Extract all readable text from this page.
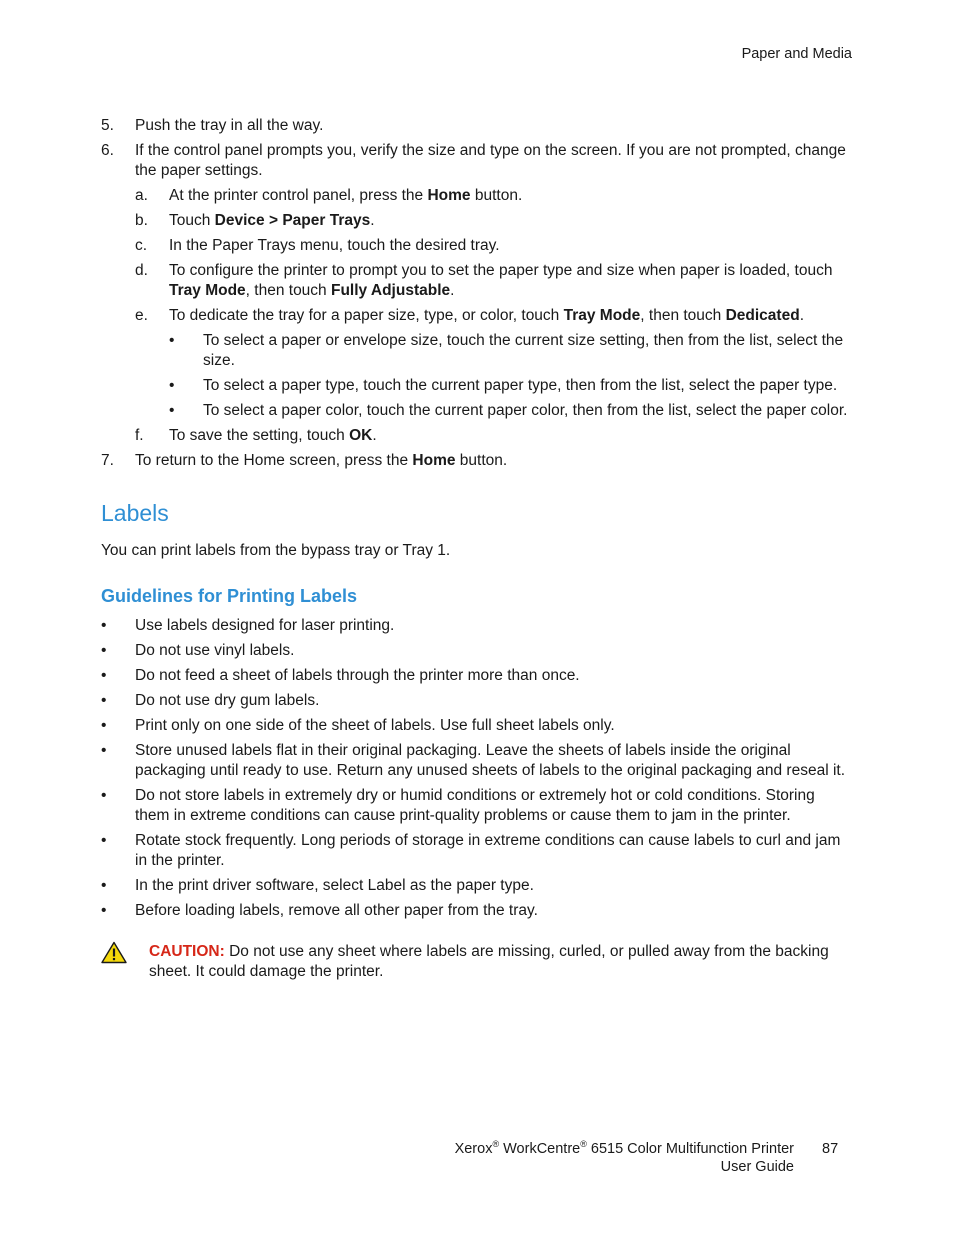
Paper and Media
5. Push the tray in all the way.
6. If the control panel prompts you, verify the size and type on the screen. If you are not prompted, change the paper settings.
a. At the printer control panel, press the Home button.
b. Touch Device > Paper Trays.
c. In the Paper Trays menu, touch the desired tray.
d. To configure the printer to prompt you to set the paper type and size when paper is loaded, touch Tray Mode, then touch Fully Adjustable.
e. To dedicate the tray for a paper size, type, or color, touch Tray Mode, then touch Dedicated.
• To select a paper or envelope size, touch the current size setting, then from the list, select the size.
• To select a paper type, touch the current paper type, then from the list, select the paper type.
• To select a paper color, touch the current paper color, then from the list, select the paper color.
f. To save the setting, touch OK.
7. To return to the Home screen, press the Home button.
Labels
You can print labels from the bypass tray or Tray 1.
Guidelines for Printing Labels
• Use labels designed for laser printing.
• Do not use vinyl labels.
• Do not feed a sheet of labels through the printer more than once.
• Do not use dry gum labels.
• Print only on one side of the sheet of labels. Use full sheet labels only.
• Store unused labels flat in their original packaging. Leave the sheets of labels inside the original packaging until ready to use. Return any unused sheets of labels to the original packaging and reseal it.
• Do not store labels in extremely dry or humid conditions or extremely hot or cold conditions. Storing them in extreme conditions can cause print-quality problems or cause them to jam in the printer.
• Rotate stock frequently. Long periods of storage in extreme conditions can cause labels to curl and jam in the printer.
• In the print driver software, select Label as the paper type.
• Before loading labels, remove all other paper from the tray.
CAUTION: Do not use any sheet where labels are missing, curled, or pulled away from the backing sheet. It could damage the printer.
Xerox® WorkCentre® 6515 Color Multifunction Printer
User Guide
87
